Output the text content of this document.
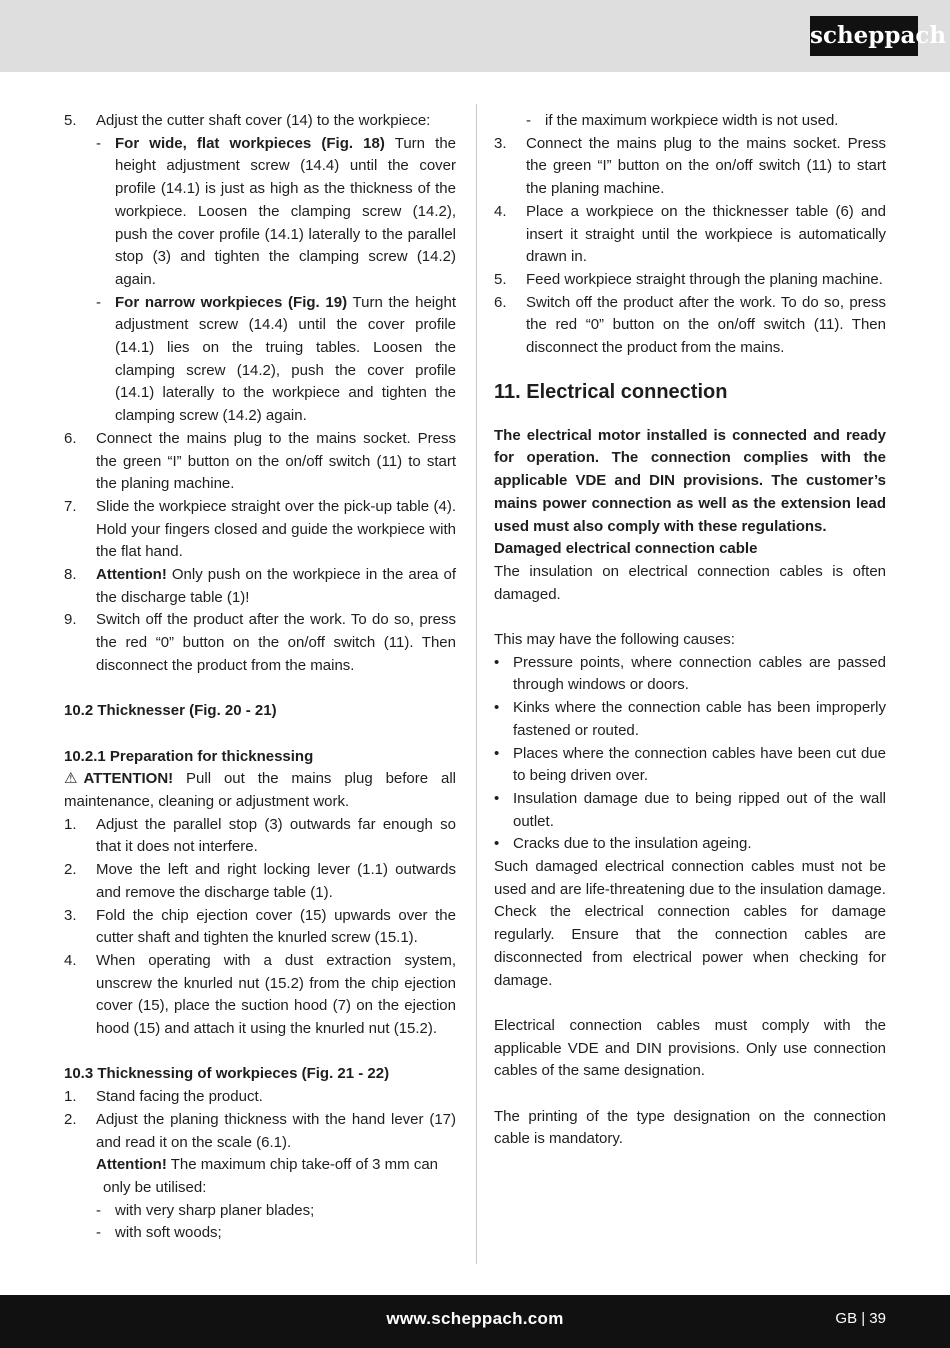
scheppach
5.	Adjust the cutter shaft cover (14) to the workpiece:
- For wide, flat workpieces (Fig. 18) Turn the height adjustment screw (14.4) until the cover profile (14.1) is just as high as the thickness of the workpiece. Loosen the clamping screw (14.2), push the cover profile (14.1) laterally to the parallel stop (3) and tighten the clamping screw (14.2) again.
- For narrow workpieces (Fig. 19) Turn the height adjustment screw (14.4) until the cover profile (14.1) lies on the truing tables. Loosen the clamping screw (14.2), push the cover profile (14.1) laterally to the workpiece and tighten the clamping screw (14.2) again.
6.	Connect the mains plug to the mains socket. Press the green “I” button on the on/off switch (11) to start the planing machine.
7.	Slide the workpiece straight over the pick-up table (4). Hold your fingers closed and guide the workpiece with the flat hand.
8.	Attention! Only push on the workpiece in the area of the discharge table (1)!
9.	Switch off the product after the work. To do so, press the red “0” button on the on/off switch (11). Then disconnect the product from the mains.
10.2 Thicknesser (Fig. 20 - 21)
10.2.1 Preparation for thicknessing
⚠ ATTENTION! Pull out the mains plug before all maintenance, cleaning or adjustment work.
1.	Adjust the parallel stop (3) outwards far enough so that it does not interfere.
2.	Move the left and right locking lever (1.1) outwards and remove the discharge table (1).
3.	Fold the chip ejection cover (15) upwards over the cutter shaft and tighten the knurled screw (15.1).
4.	When operating with a dust extraction system, unscrew the knurled nut (15.2) from the chip ejection cover (15), place the suction hood (7) on the ejection hood (15) and attach it using the knurled nut (15.2).
10.3 Thicknessing of workpieces (Fig. 21 - 22)
1.	Stand facing the product.
2.	Adjust the planing thickness with the hand lever (17) and read it on the scale (6.1).
Attention! The maximum chip take-off of 3 mm can
only be utilised:
- with very sharp planer blades;
- with soft woods;
- if the maximum workpiece width is not used.
3.	Connect the mains plug to the mains socket. Press the green “I” button on the on/off switch (11) to start the planing machine.
4.	Place a workpiece on the thicknesser table (6) and insert it straight until the workpiece is automatically drawn in.
5.	Feed workpiece straight through the planing machine.
6.	Switch off the product after the work. To do so, press the red “0” button on the on/off switch (11). Then disconnect the product from the mains.
11. Electrical connection
The electrical motor installed is connected and ready for operation. The connection complies with the applicable VDE and DIN provisions. The customer’s mains power connection as well as the extension lead used must also comply with these regulations.
Damaged electrical connection cable
The insulation on electrical connection cables is often damaged.
This may have the following causes:
• Pressure points, where connection cables are passed through windows or doors.
• Kinks where the connection cable has been improperly fastened or routed.
• Places where the connection cables have been cut due to being driven over.
• Insulation damage due to being ripped out of the wall outlet.
• Cracks due to the insulation ageing.
Such damaged electrical connection cables must not be used and are life-threatening due to the insulation damage.
Check the electrical connection cables for damage regularly. Ensure that the connection cables are disconnected from electrical power when checking for damage.
Electrical connection cables must comply with the applicable VDE and DIN provisions. Only use connection cables of the same designation.
The printing of the type designation on the connection cable is mandatory.
www.scheppach.com	GB | 39
